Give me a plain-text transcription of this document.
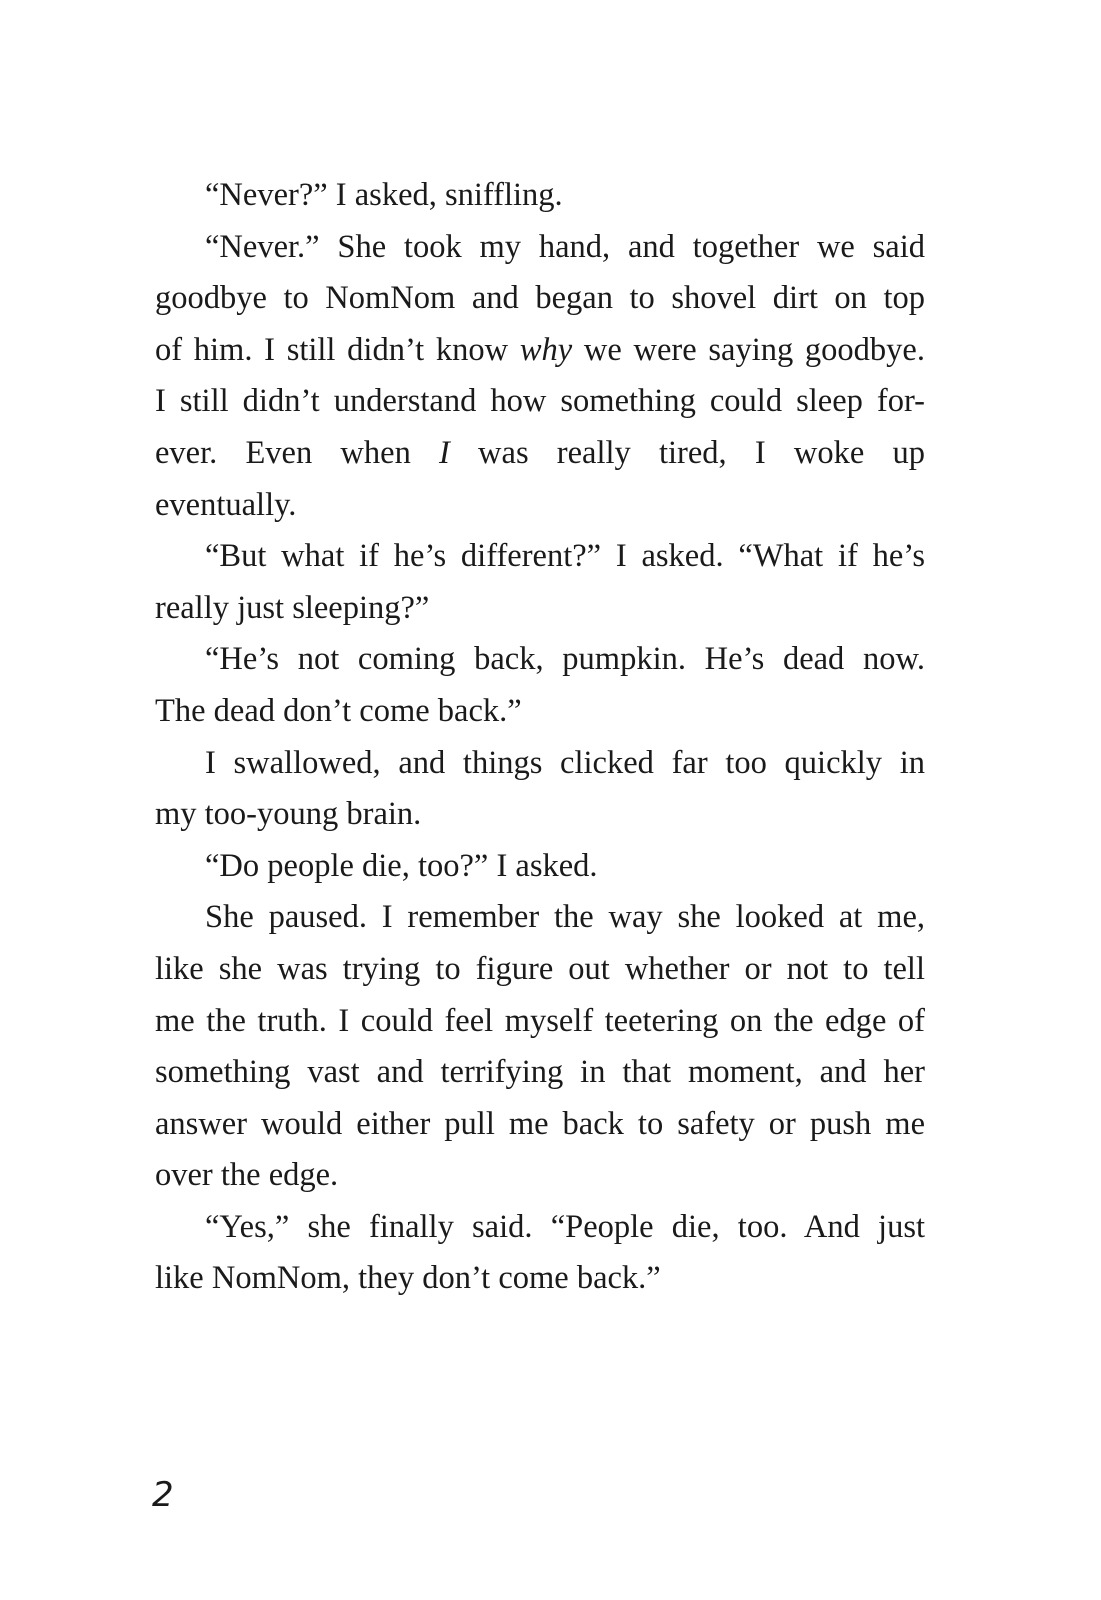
“Never?” I asked, sniffling.
“Never.” She took my hand, and together we said
goodbye to NomNom and began to shovel dirt on top
of him. I still didn’t know why we were saying goodbye.
I still didn’t understand how something could sleep for-
ever. Even when I was really tired, I woke up
eventually.
“But what if he’s different?” I asked. “What if he’s
really just sleeping?”
“He’s not coming back, pumpkin. He’s dead now.
The dead don’t come back.”
I swallowed, and things clicked far too quickly in
my too-young brain.
“Do people die, too?” I asked.
She paused. I remember the way she looked at me,
like she was trying to figure out whether or not to tell
me the truth. I could feel myself teetering on the edge of
something vast and terrifying in that moment, and her
answer would either pull me back to safety or push me
over the edge.
“Yes,” she finally said. “People die, too. And just
like NomNom, they don’t come back.”
2
